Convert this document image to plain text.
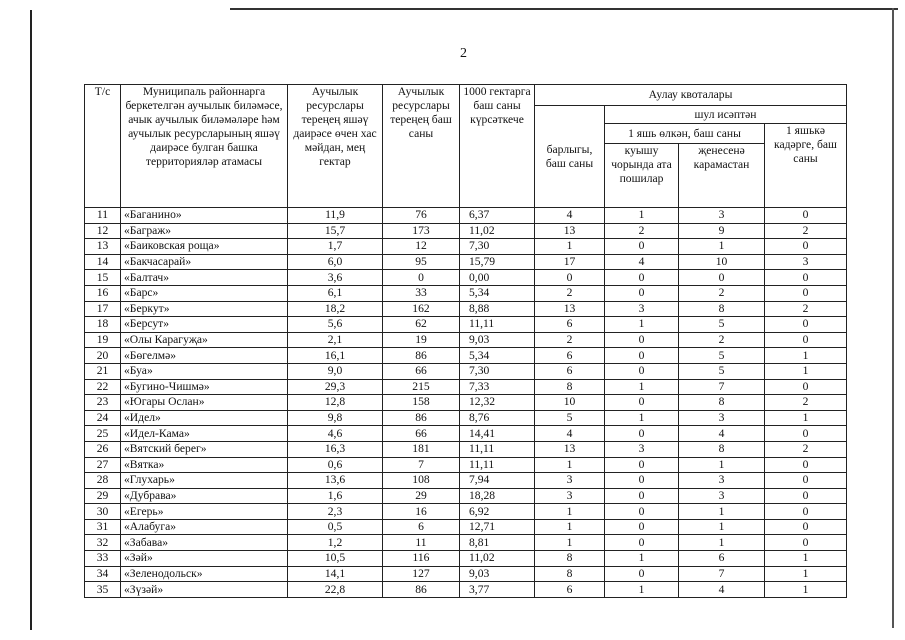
2
Т/с	Муниципаль районнарга беркетелгән аучылык биләмәсе, ачык аучылык биләмәләре һәм аучылык ресурсларының яшәү даирәсе булган башка территорияләр атамасы	Аучылык ресурслары тереңең яшәү даирәсе өчен хас мәйдан, мең гектар	Аучылык ресурслары тереңең баш саны	1000 гектарга баш саны күрсәткече	Аулау квоталары			
					барлыгы, баш саны	шул исәптән		
						1 яшь өлкән, баш саны		1 яшькә кадәрге, баш саны
						куышу чорында ата пошилар	җенесенә карамастан	
11	«Баганино»	11,9	76	6,37	4	1	3	0
12	«Баграж»	15,7	173	11,02	13	2	9	2
13	«Баиковская роща»	1,7	12	7,30	1	0	1	0
14	«Бакчасарай»	6,0	95	15,79	17	4	10	3
15	«Балтач»	3,6	0	0,00	0	0	0	0
16	«Барс»	6,1	33	5,34	2	0	2	0
17	«Беркут»	18,2	162	8,88	13	3	8	2
18	«Берсут»	5,6	62	11,11	6	1	5	0
19	«Олы Карагуҗа»	2,1	19	9,03	2	0	2	0
20	«Бөгелмә»	16,1	86	5,34	6	0	5	1
21	«Буа»	9,0	66	7,30	6	0	5	1
22	«Бугино-Чишмә»	29,3	215	7,33	8	1	7	0
23	«Югары Ослан»	12,8	158	12,32	10	0	8	2
24	«Идел»	9,8	86	8,76	5	1	3	1
25	«Идел-Кама»	4,6	66	14,41	4	0	4	0
26	«Вятский берег»	16,3	181	11,11	13	3	8	2
27	«Вятка»	0,6	7	11,11	1	0	1	0
28	«Глухарь»	13,6	108	7,94	3	0	3	0
29	«Дубрава»	1,6	29	18,28	3	0	3	0
30	«Егерь»	2,3	16	6,92	1	0	1	0
31	«Алабуга»	0,5	6	12,71	1	0	1	0
32	«Забава»	1,2	11	8,81	1	0	1	0
33	«Зәй»	10,5	116	11,02	8	1	6	1
34	«Зеленодольск»	14,1	127	9,03	8	0	7	1
35	«Зүзәй»	22,8	86	3,77	6	1	4	1
